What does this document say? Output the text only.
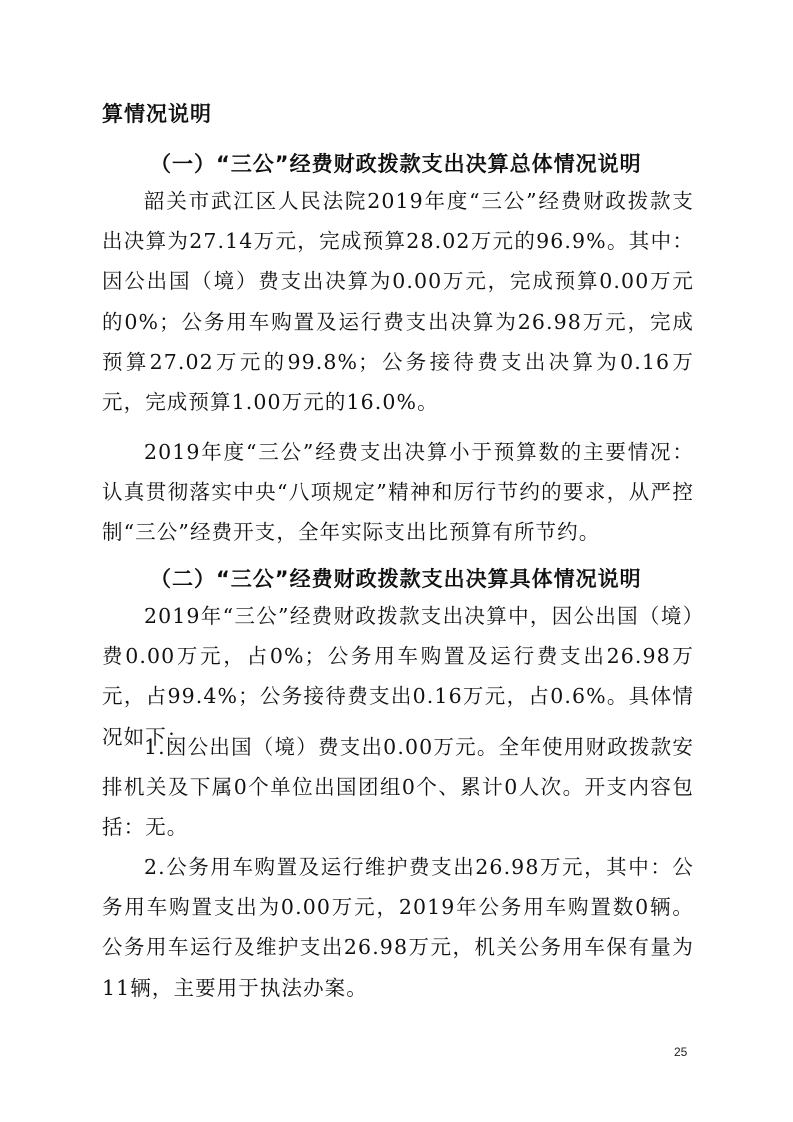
算情况说明
（一）“三公”经费财政拨款支出决算总体情况说明
韶关市武江区人民法院2019年度“三公”经费财政拨款支出决算为27.14万元，完成预算28.02万元的96.9%。其中：因公出国（境）费支出决算为0.00万元，完成预算0.00万元的0%；公务用车购置及运行费支出决算为26.98万元，完成预算27.02万元的99.8%；公务接待费支出决算为0.16万元，完成预算1.00万元的16.0%。
2019年度“三公”经费支出决算小于预算数的主要情况：认真贯彻落实中央“八项规定”精神和厉行节约的要求，从严控制“三公”经费开支，全年实际支出比预算有所节约。
（二）“三公”经费财政拨款支出决算具体情况说明
2019年“三公”经费财政拨款支出决算中，因公出国（境）费0.00万元，占0%；公务用车购置及运行费支出26.98万元，占99.4%；公务接待费支出0.16万元，占0.6%。具体情况如下：
1.因公出国（境）费支出0.00万元。全年使用财政拨款安排机关及下属0个单位出国团组0个、累计0人次。开支内容包括：无。
2.公务用车购置及运行维护费支出26.98万元，其中：公务用车购置支出为0.00万元，2019年公务用车购置数0辆。公务用车运行及维护支出26.98万元，机关公务用车保有量为11辆，主要用于执法办案。
25
